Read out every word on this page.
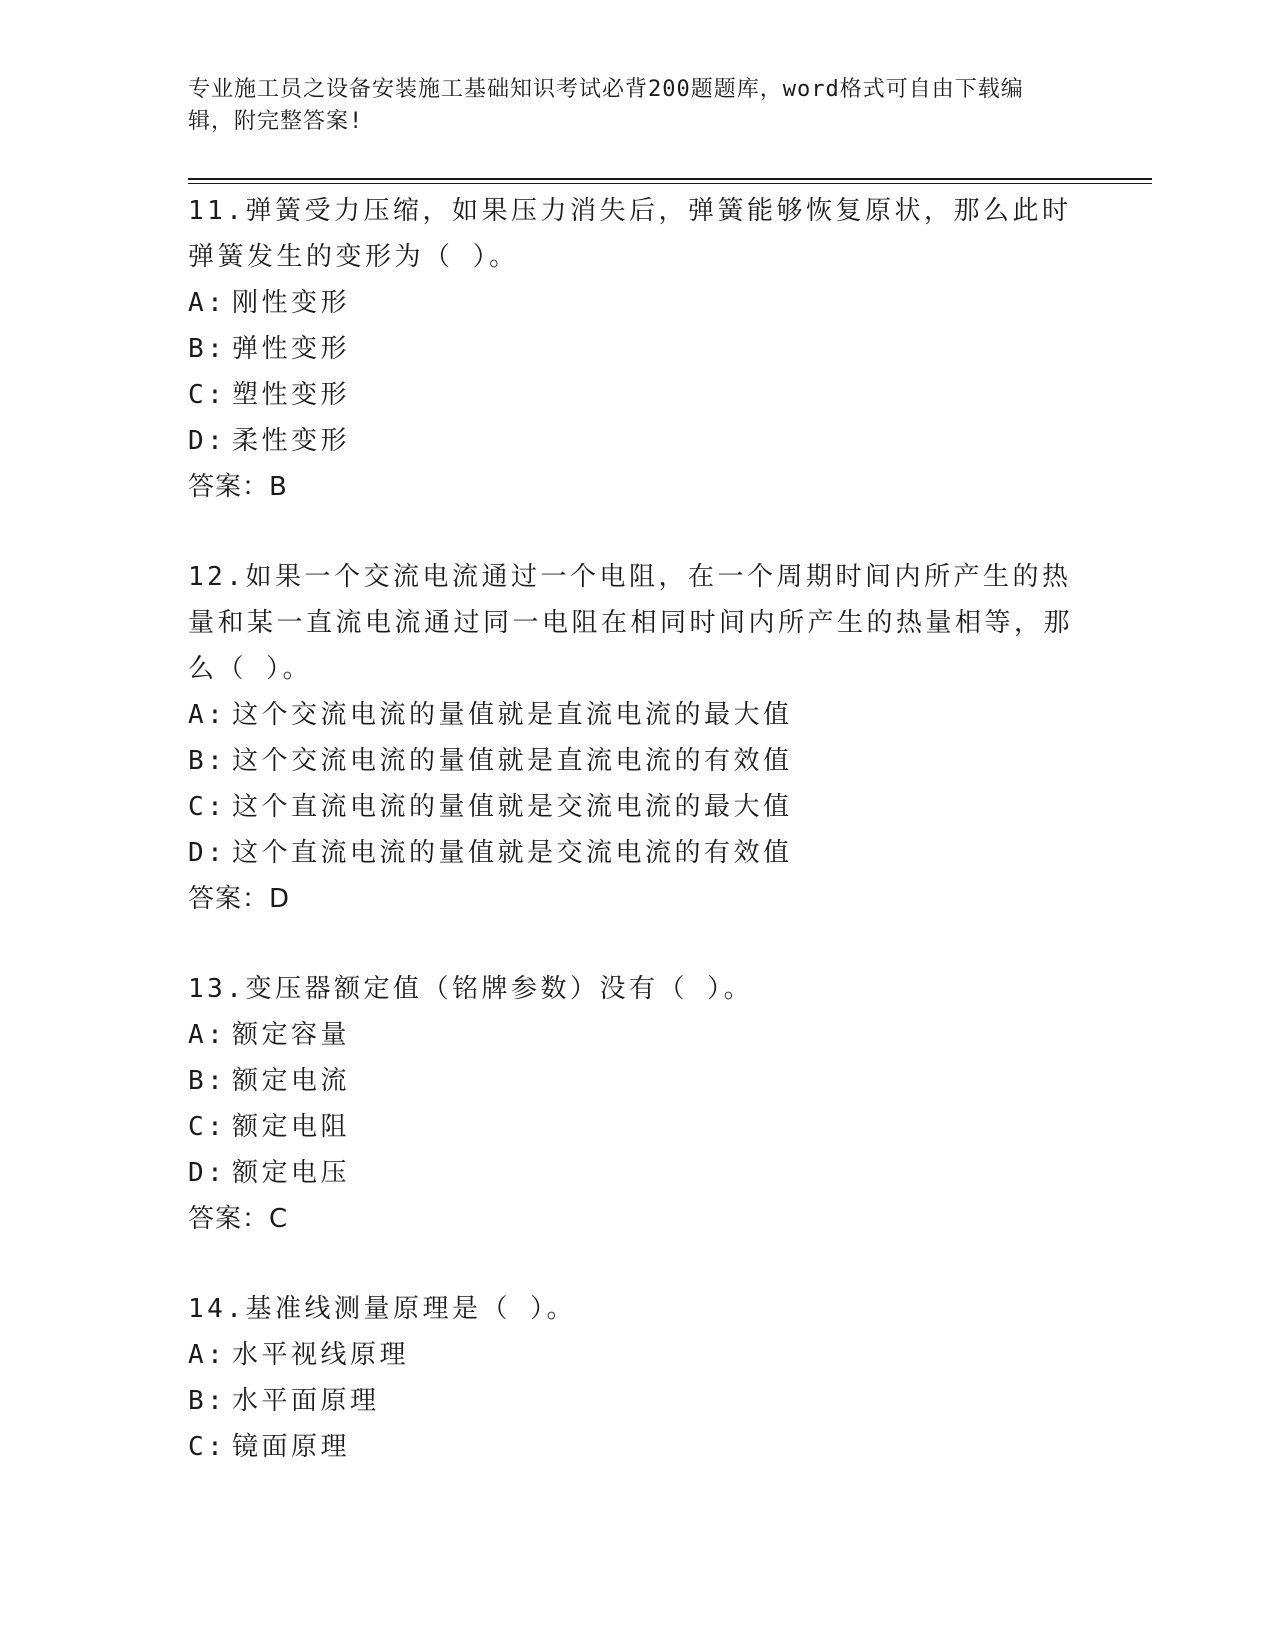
专业施工员之设备安装施工基础知识考试必背200题题库，word格式可自由下载编辑，附完整答案!

11.弹簧受力压缩，如果压力消失后，弹簧能够恢复原状，那么此时弹簧发生的变形为（ ）。

A: 刚性变形
B: 弹性变形
C: 塑性变形
D: 柔性变形

答案：B

12.如果一个交流电流通过一个电阻，在一个周期时间内所产生的热量和某一直流电流通过同一电阻在相同时间内所产生的热量相等，那么（ ）。

A: 这个交流电流的量值就是直流电流的最大值
B: 这个交流电流的量值就是直流电流的有效值
C: 这个直流电流的量值就是交流电流的最大值
D: 这个直流电流的量值就是交流电流的有效值

答案：D

13.变压器额定值（铭牌参数）没有（ ）。

A: 额定容量
B: 额定电流
C: 额定电阻
D: 额定电压

答案：C

14.基准线测量原理是（ ）。

A: 水平视线原理
B: 水平面原理
C: 镜面原理
